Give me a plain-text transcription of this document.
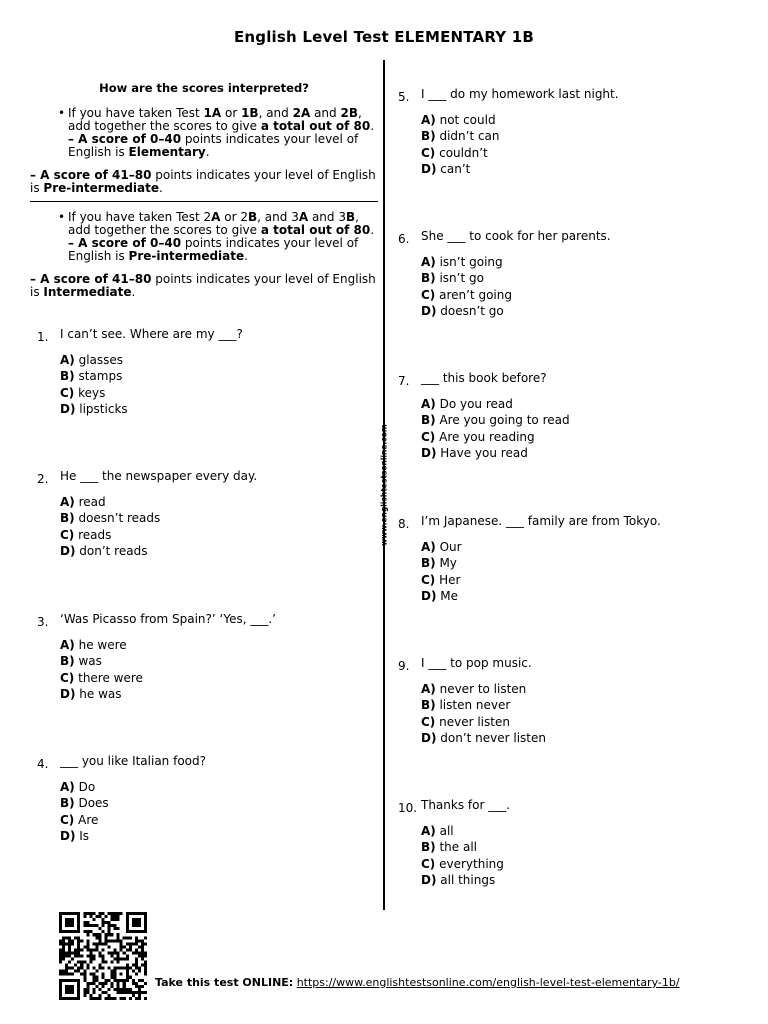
English Level Test ELEMENTARY 1B
www.englishtestsonline.com
How are the scores interpreted?
• If you have taken Test 1A or 1B, and 2A and 2B, add together the scores to give a total out of 80. – A score of 0–40 points indicates your level of English is Elementary.
– A score of 41–80 points indicates your level of English is Pre-intermediate.
• If you have taken Test 2A or 2B, and 3A and 3B, add together the scores to give a total out of 80. – A score of 0–40 points indicates your level of English is Pre-intermediate.
– A score of 41–80 points indicates your level of English is Intermediate.
1. I can’t see. Where are my ___?
A) glasses
B) stamps
C) keys
D) lipsticks
2. He ___ the newspaper every day.
A) read
B) doesn’t reads
C) reads
D) don’t reads
3. ‘Was Picasso from Spain?’ ‘Yes, ___.’
A) he were
B) was
C) there were
D) he was
4. ___ you like Italian food?
A) Do
B) Does
C) Are
D) Is
5. I ___ do my homework last night.
A) not could
B) didn’t can
C) couldn’t
D) can’t
6. She ___ to cook for her parents.
A) isn’t going
B) isn’t go
C) aren’t going
D) doesn’t go
7. ___ this book before?
A) Do you read
B) Are you going to read
C) Are you reading
D) Have you read
8. I’m Japanese. ___ family are from Tokyo.
A) Our
B) My
C) Her
D) Me
9. I ___ to pop music.
A) never to listen
B) listen never
C) never listen
D) don’t never listen
10. Thanks for ___.
A) all
B) the all
C) everything
D) all things
Take this test ONLINE: https://www.englishtestsonline.com/english-level-test-elementary-1b/
